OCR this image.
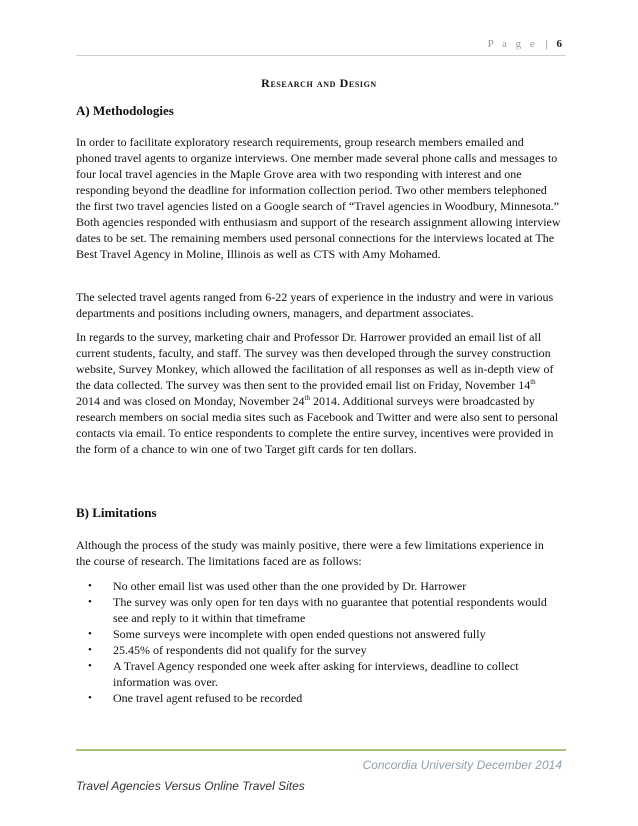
P a g e | 6
Research and Design
A) Methodologies
In order to facilitate exploratory research requirements, group research members emailed and phoned travel agents to organize interviews. One member made several phone calls and messages to four local travel agencies in the Maple Grove area with two responding with interest and one responding beyond the deadline for information collection period. Two other members telephoned the first two travel agencies listed on a Google search of “Travel agencies in Woodbury, Minnesota.” Both agencies responded with enthusiasm and support of the research assignment allowing interview dates to be set. The remaining members used personal connections for the interviews located at The Best Travel Agency in Moline, Illinois as well as CTS with Amy Mohamed.
The selected travel agents ranged from 6-22 years of experience in the industry and were in various departments and positions including owners, managers, and department associates.
In regards to the survey, marketing chair and Professor Dr. Harrower provided an email list of all current students, faculty, and staff. The survey was then developed through the survey construction website, Survey Monkey, which allowed the facilitation of all responses as well as in-depth view of the data collected. The survey was then sent to the provided email list on Friday, November 14th 2014 and was closed on Monday, November 24th 2014. Additional surveys were broadcasted by research members on social media sites such as Facebook and Twitter and were also sent to personal contacts via email. To entice respondents to complete the entire survey, incentives were provided in the form of a chance to win one of two Target gift cards for ten dollars.
B) Limitations
Although the process of the study was mainly positive, there were a few limitations experience in the course of research. The limitations faced are as follows:
• No other email list was used other than the one provided by Dr. Harrower
• The survey was only open for ten days with no guarantee that potential respondents would see and reply to it within that timeframe
• Some surveys were incomplete with open ended questions not answered fully
• 25.45% of respondents did not qualify for the survey
• A Travel Agency responded one week after asking for interviews, deadline to collect information was over.
• One travel agent refused to be recorded
Concordia University December 2014
Travel Agencies Versus Online Travel Sites
